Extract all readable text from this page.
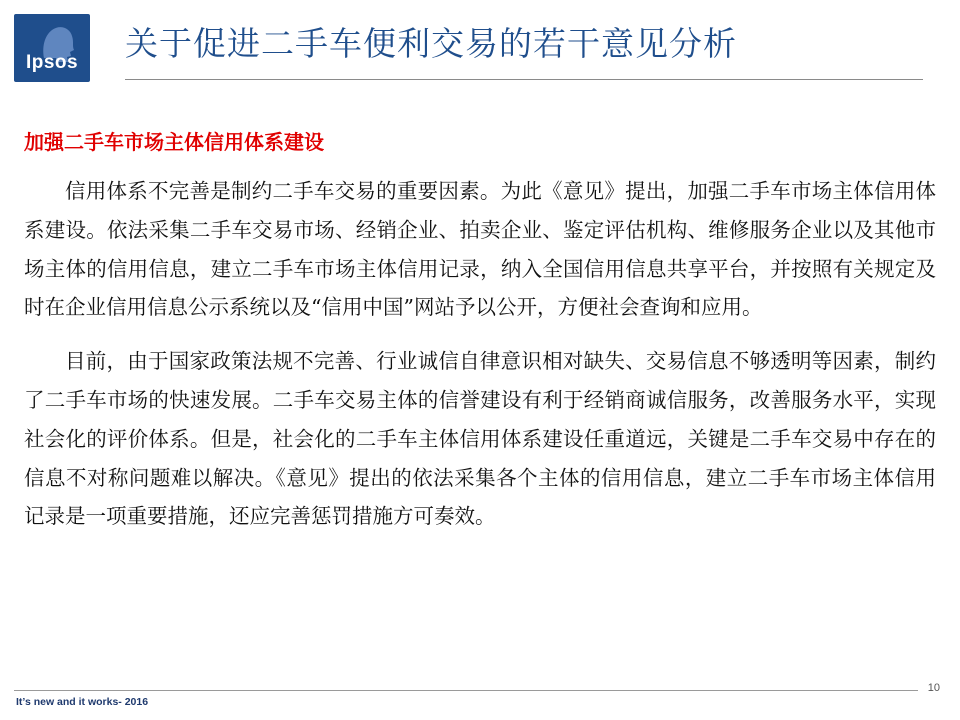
Ipsos	关于促进二手车便利交易的若干意见分析
加强二手车市场主体信用体系建设

信用体系不完善是制约二手车交易的重要因素。为此《意见》提出，加强二手车市场主体信用体系建设。依法采集二手车交易市场、经销企业、拍卖企业、鉴定评估机构、维修服务企业以及其他市场主体的信用信息，建立二手车市场主体信用记录，纳入全国信用信息共享平台，并按照有关规定及时在企业信用信息公示系统以及“信用中国”网站予以公开，方便社会查询和应用。

目前，由于国家政策法规不完善、行业诚信自律意识相对缺失、交易信息不够透明等因素，制约了二手车市场的快速发展。二手车交易主体的信誉建设有利于经销商诚信服务，改善服务水平，实现社会化的评价体系。但是，社会化的二手车主体信用体系建设任重道远，关键是二手车交易中存在的信息不对称问题难以解决。《意见》提出的依法采集各个主体的信用信息，建立二手车市场主体信用记录是一项重要措施，还应完善惩罚措施方可奏效。

10
It’s new and it works- 2016
